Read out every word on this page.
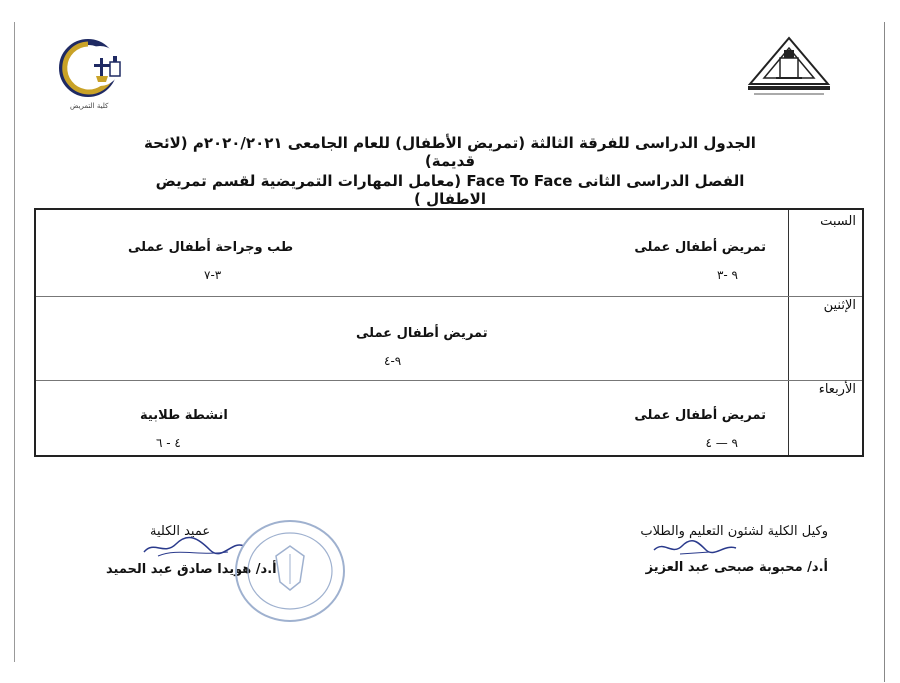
كلية التمريض
الجدول الدراسى للفرقة الثالثة (تمريض الأطفال) للعام الجامعى ٢٠٢٠/٢٠٢١م (لائحة قديمة)
الفصل الدراسى الثانى Face To Face (معامل المهارات التمريضية لقسم تمريض الاطفال )
السبت
تمريض أطفال عملى
٩ -٣
طب وجراحة أطفال عملى
٣-٧
الإثنين
تمريض أطفال عملى
٩-٤
الأربعاء
تمريض أطفال عملى
٩ — ٤
انشطة طلابية
٤ - ٦
وكيل الكلية لشئون التعليم والطلاب
أ.د/ محبوبة صبحى عبد العزيز
عميد الكلية
أ.د/ هويدا صادق عبد الحميد
